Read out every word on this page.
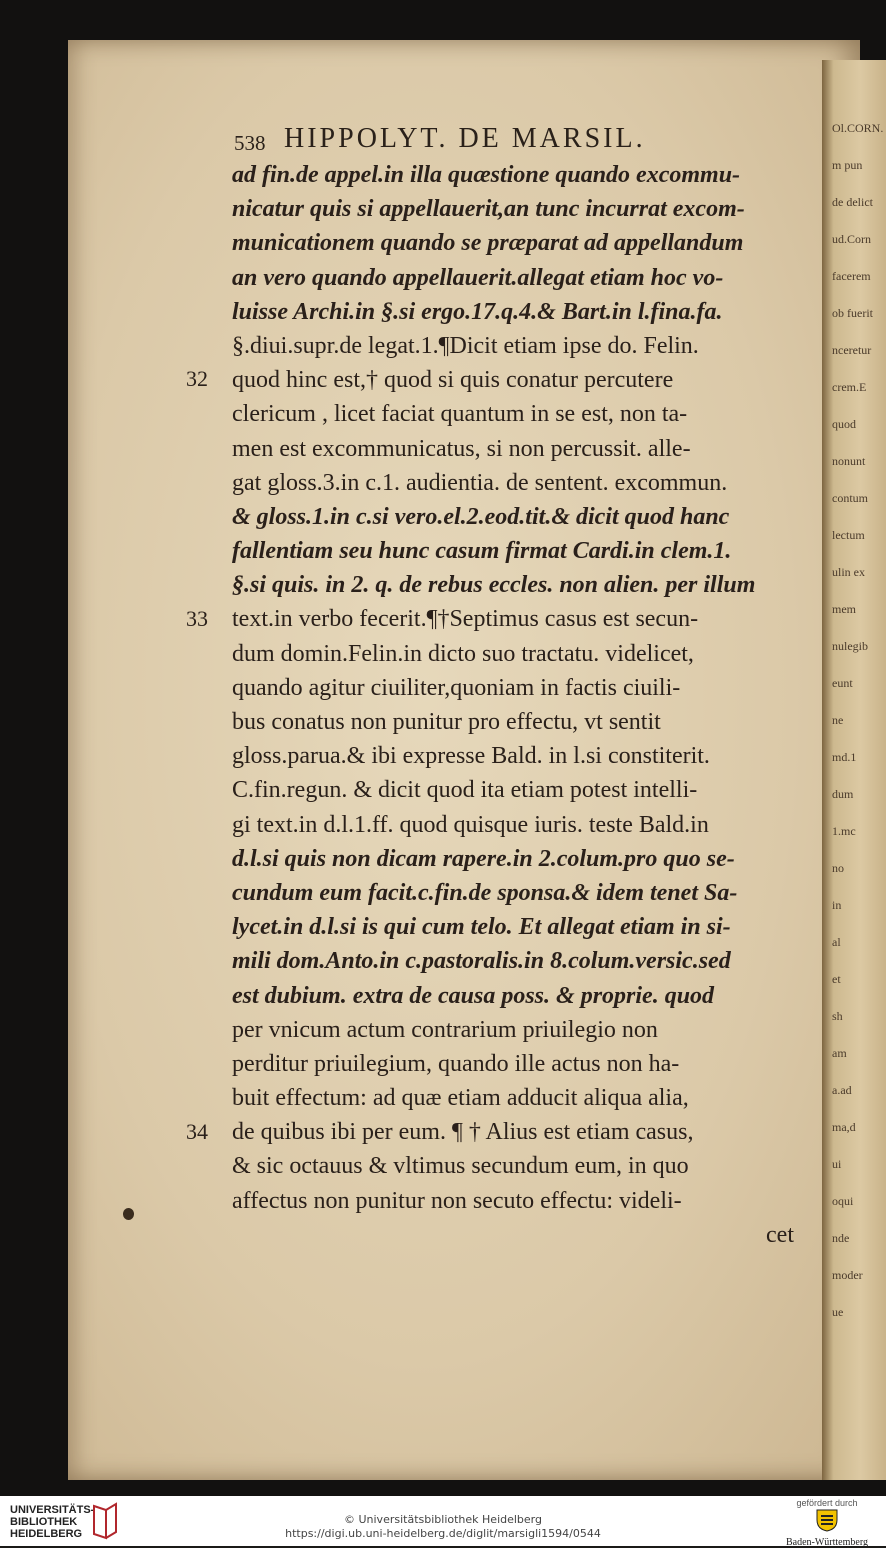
Ol.CORN.
m pun
de delict
ud.Corn
facerem
ob fuerit
nceretur
crem.E
quod
nonunt
contum
lectum
ulin ex
mem
nulegib
eunt
ne
md.1
dum
1.mc
no
in
al
et
sh
am
a.ad
ma,d
ui
oqui
nde
moder
ue
538 HIPPOLYT. DE MARSIL.
ad fin.de appel.in illa quæstione quando excommu-
nicatur quis si appellauerit,an tunc incurrat excom-
municationem quando se præparat ad appellandum
an vero quando appellauerit.allegat etiam hoc vo-
luisse Archi.in §.si ergo.17.q.4.& Bart.in l.fina.fa.
§.diui.supr.de legat.1.¶Dicit etiam ipse do. Felin.
quod hinc est,† quod si quis conatur percutere
clericum , licet faciat quantum in se est, non ta-
men est excommunicatus, si non percussit. alle-
gat gloss.3.in c.1. audientia. de sentent. excommun.
& gloss.1.in c.si vero.el.2.eod.tit.& dicit quod hanc
fallentiam seu hunc casum firmat Cardi.in clem.1.
§.si quis. in 2. q. de rebus eccles. non alien. per illum
text.in verbo fecerit.¶†Septimus casus est secun-
dum domin.Felin.in dicto suo tractatu. videlicet,
quando agitur ciuiliter,quoniam in factis ciuili-
bus conatus non punitur pro effectu, vt sentit
gloss.parua.& ibi expresse Bald. in l.si constiterit.
C.fin.regun. & dicit quod ita etiam potest intelli-
gi text.in d.l.1.ff. quod quisque iuris. teste Bald.in
d.l.si quis non dicam rapere.in 2.colum.pro quo se-
cundum eum facit.c.fin.de sponsa.& idem tenet Sa-
lycet.in d.l.si is qui cum telo. Et allegat etiam in si-
mili dom.Anto.in c.pastoralis.in 8.colum.versic.sed
est dubium. extra de causa poss. & proprie. quod
per vnicum actum contrarium priuilegio non
perditur priuilegium, quando ille actus non ha-
buit effectum: ad quæ etiam adducit aliqua alia,
de quibus ibi per eum. ¶ † Alius est etiam casus,
& sic octauus & vltimus secundum eum, in quo
affectus non punitur non secuto effectu: videli-
cet
32
33
34
UNIVERSITÄTS-
BIBLIOTHEK
HEIDELBERG
© Universitätsbibliothek Heidelberg
https://digi.ub.uni-heidelberg.de/diglit/marsigli1594/0544
gefördert durch
Baden-Württemberg
